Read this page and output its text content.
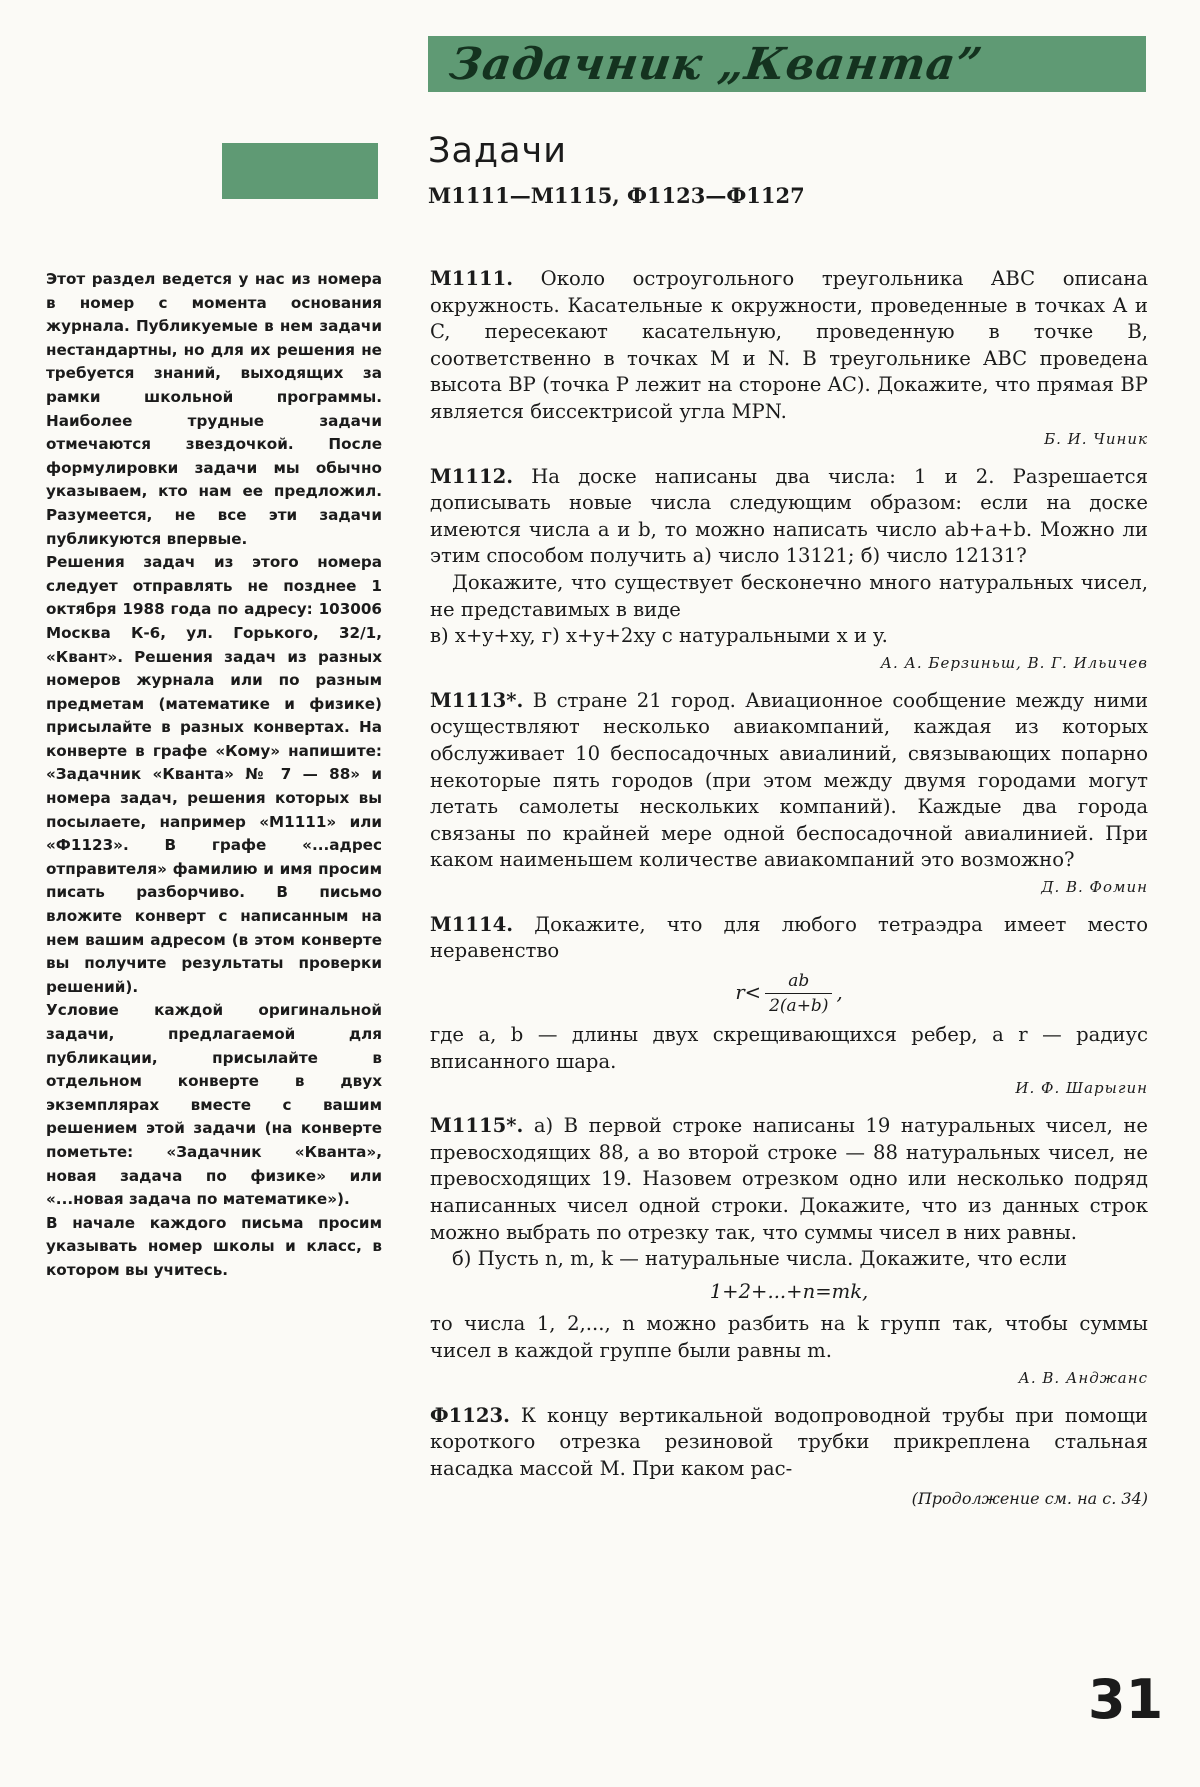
Задачник „Кванта”
Задачи
М1111—М1115, Ф1123—Ф1127

Этот раздел ведется у нас из номера в номер с момента основания журнала. Публикуемые в нем задачи нестандартны, но для их решения не требуется знаний, выходящих за рамки школьной программы. Наиболее трудные задачи отмечаются звездочкой. После формулировки задачи мы обычно указываем, кто нам ее предложил. Разумеется, не все эти задачи публикуются впервые.

Решения задач из этого номера следует отправлять не позднее 1 октября 1988 года по адресу: 103006 Москва К-6, ул. Горького, 32/1, «Квант». Решения задач из разных номеров журнала или по разным предметам (математике и физике) присылайте в разных конвертах. На конверте в графе «Кому» напишите: «Задачник «Кванта» № 7 — 88» и номера задач, решения которых вы посылаете, например «М1111» или «Ф1123». В графе «...адрес отправителя» фамилию и имя просим писать разборчиво. В письмо вложите конверт с написанным на нем вашим адресом (в этом конверте вы получите результаты проверки решений).

Условие каждой оригинальной задачи, предлагаемой для публикации, присылайте в отдельном конверте в двух экземплярах вместе с вашим решением этой задачи (на конверте пометьте: «Задачник «Кванта», новая задача по физике» или «...новая задача по математике»).

В начале каждого письма просим указывать номер школы и класс, в котором вы учитесь.

М1111. Около остроугольного треугольника ABC описана окружность. Касательные к окружности, проведенные в точках A и C, пересекают касательную, проведенную в точке B, соответственно в точках M и N. В треугольнике ABC проведена высота BP (точка P лежит на стороне AC). Докажите, что прямая BP является биссектрисой угла MPN.

Б. И. Чиник

М1112. На доске написаны два числа: 1 и 2. Разрешается дописывать новые числа следующим образом: если на доске имеются числа a и b, то можно написать число ab+a+b. Можно ли этим способом получить а) число 13121; б) число 12131?

Докажите, что существует бесконечно много натуральных чисел, не представимых в виде

в) x+y+xy, г) x+y+2xy с натуральными x и y.

А. А. Берзиньш, В. Г. Ильичев

М1113*. В стране 21 город. Авиационное сообщение между ними осуществляют несколько авиакомпаний, каждая из которых обслуживает 10 беспосадочных авиалиний, связывающих попарно некоторые пять городов (при этом между двумя городами могут летать самолеты нескольких компаний). Каждые два города связаны по крайней мере одной беспосадочной авиалинией. При каком наименьшем количестве авиакомпаний это возможно?

Д. В. Фомин

М1114. Докажите, что для любого тетраэдра имеет место неравенство

$r< \frac{ab}{2(a+b)}$ ,

где a, b — длины двух скрещивающихся ребер, а r — радиус вписанного шара.

И. Ф. Шарыгин

М1115*. а) В первой строке написаны 19 натуральных чисел, не превосходящих 88, а во второй строке — 88 натуральных чисел, не превосходящих 19. Назовем отрезком одно или несколько подряд написанных чисел одной строки. Докажите, что из данных строк можно выбрать по отрезку так, что суммы чисел в них равны.

б) Пусть n, m, k — натуральные числа. Докажите, что если

1+2+...+n=mk,

то числа 1, 2,..., n можно разбить на k групп так, чтобы суммы чисел в каждой группе были равны m.

А. В. Анджанс

Ф1123. К концу вертикальной водопроводной трубы при помощи короткого отрезка резиновой трубки прикреплена стальная насадка массой M. При каком рас-

(Продолжение см. на с. 34)
31
